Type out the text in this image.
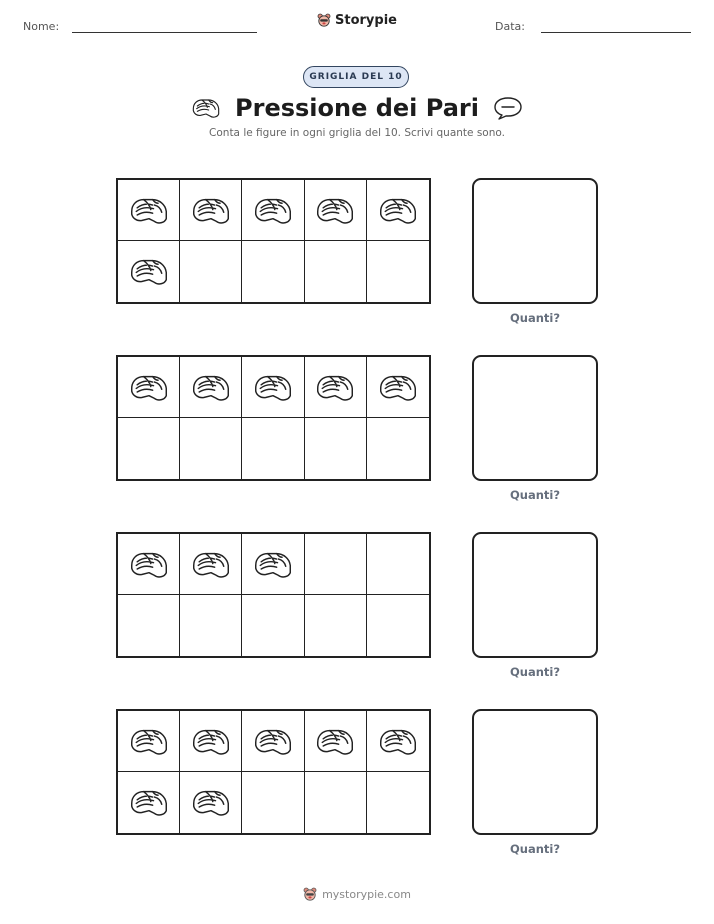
Nome:	Storypie	Data:
GRIGLIA DEL 10
Pressione dei Pari
Conta le figure in ogni griglia del 10. Scrivi quante sono.
Quanti?
Quanti?
Quanti?
Quanti?
mystorypie.com
